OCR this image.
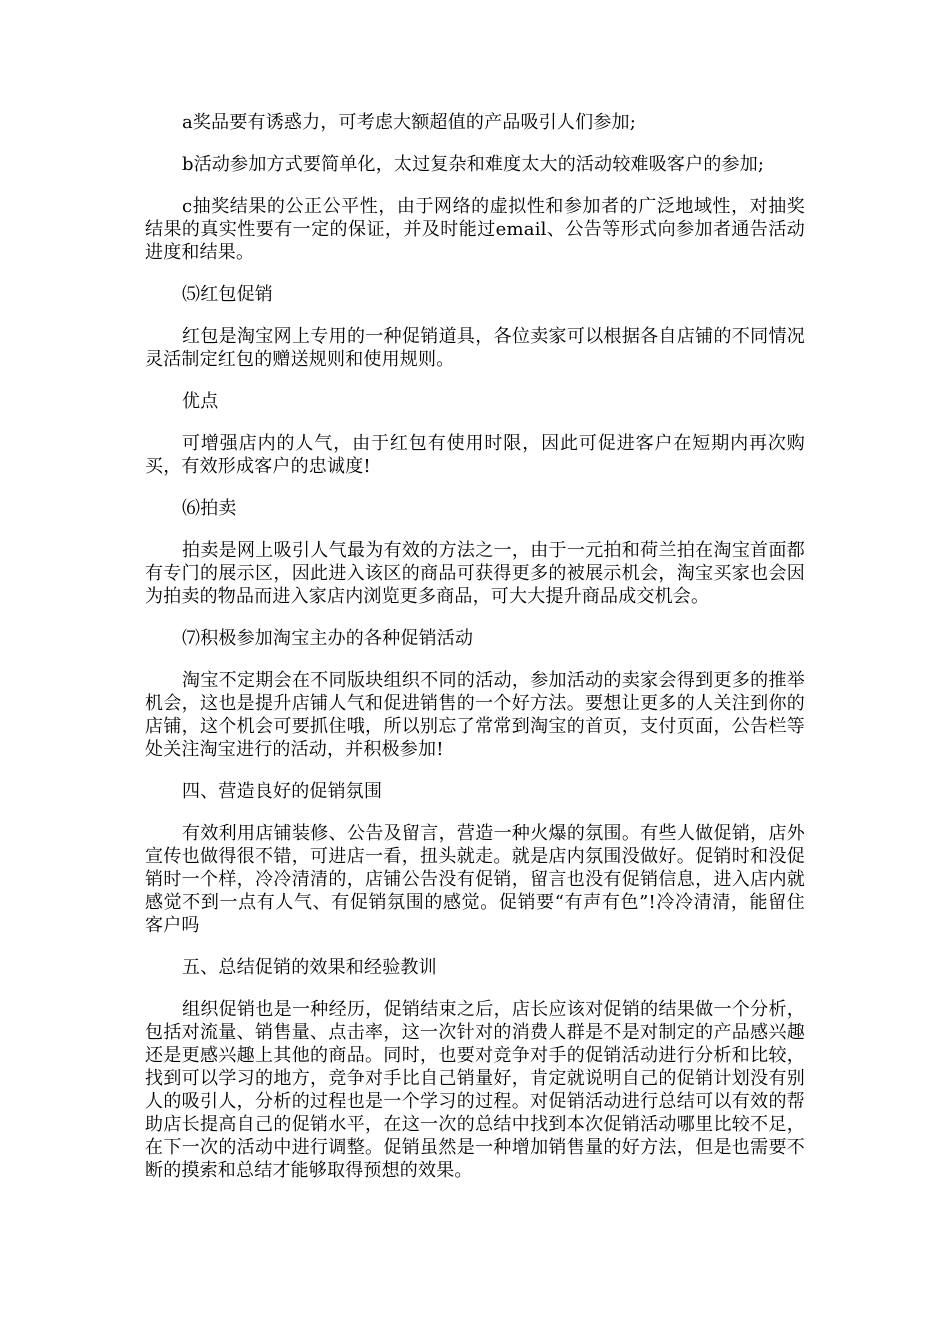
a奖品要有诱惑力，可考虑大额超值的产品吸引人们参加;

b活动参加方式要简单化，太过复杂和难度太大的活动较难吸客户的参加;

c抽奖结果的公正公平性，由于网络的虚拟性和参加者的广泛地域性，对抽奖结果的真实性要有一定的保证，并及时能过email、公告等形式向参加者通告活动进度和结果。

⑸红包促销

红包是淘宝网上专用的一种促销道具，各位卖家可以根据各自店铺的不同情况灵活制定红包的赠送规则和使用规则。

优点

可增强店内的人气，由于红包有使用时限，因此可促进客户在短期内再次购买，有效形成客户的忠诚度!

⑹拍卖

拍卖是网上吸引人气最为有效的方法之一，由于一元拍和荷兰拍在淘宝首面都有专门的展示区，因此进入该区的商品可获得更多的被展示机会，淘宝买家也会因为拍卖的物品而进入家店内浏览更多商品，可大大提升商品成交机会。

⑺积极参加淘宝主办的各种促销活动

淘宝不定期会在不同版块组织不同的活动，参加活动的卖家会得到更多的推举机会，这也是提升店铺人气和促进销售的一个好方法。要想让更多的人关注到你的店铺，这个机会可要抓住哦，所以别忘了常常到淘宝的首页，支付页面，公告栏等处关注淘宝进行的活动，并积极参加!

四、营造良好的促销氛围

有效利用店铺装修、公告及留言，营造一种火爆的氛围。有些人做促销，店外宣传也做得很不错，可进店一看，扭头就走。就是店内氛围没做好。促销时和没促销时一个样，冷冷清清的，店铺公告没有促销，留言也没有促销信息，进入店内就感觉不到一点有人气、有促销氛围的感觉。促销要“有声有色”!冷冷清清，能留住客户吗

五、总结促销的效果和经验教训

组织促销也是一种经历，促销结束之后，店长应该对促销的结果做一个分析，包括对流量、销售量、点击率，这一次针对的消费人群是不是对制定的产品感兴趣还是更感兴趣上其他的商品。同时，也要对竞争对手的促销活动进行分析和比较，找到可以学习的地方，竞争对手比自己销量好，肯定就说明自己的促销计划没有别人的吸引人，分析的过程也是一个学习的过程。对促销活动进行总结可以有效的帮助店长提高自己的促销水平，在这一次的总结中找到本次促销活动哪里比较不足，在下一次的活动中进行调整。促销虽然是一种增加销售量的好方法，但是也需要不断的摸索和总结才能够取得预想的效果。
